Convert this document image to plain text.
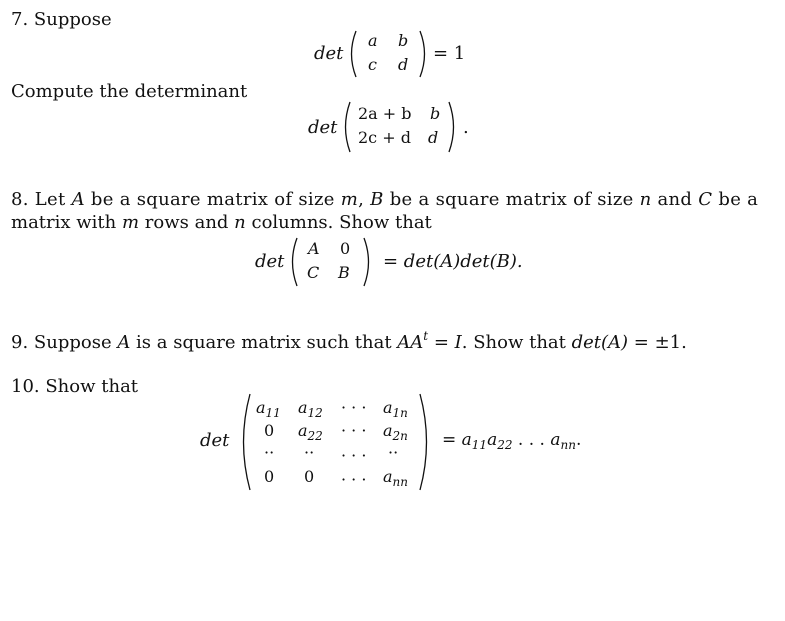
7. Suppose
det
a b
c d
= 1
Compute the determinant
det
2a + b b
2c + d d .
8. Let A be a square matrix of size m, B be a square matrix of size n and C be a
matrix with m rows and n columns. Show that
det
A 0
C B
= det(A)det(B).
9. Suppose A is a square matrix such that $AA^t = I$. Show that det(A) = ±1.
10. Show that
det
$a_{11}$ $a_{12}$ · · · $a_{1n}$
0 $a_{22}$ · · · $a_{2n}$
·· ·· · · · ··
0 0 · · · $a_{nn}$
= $a_{11}a_{22}$ . . . $a_{nn}$.
